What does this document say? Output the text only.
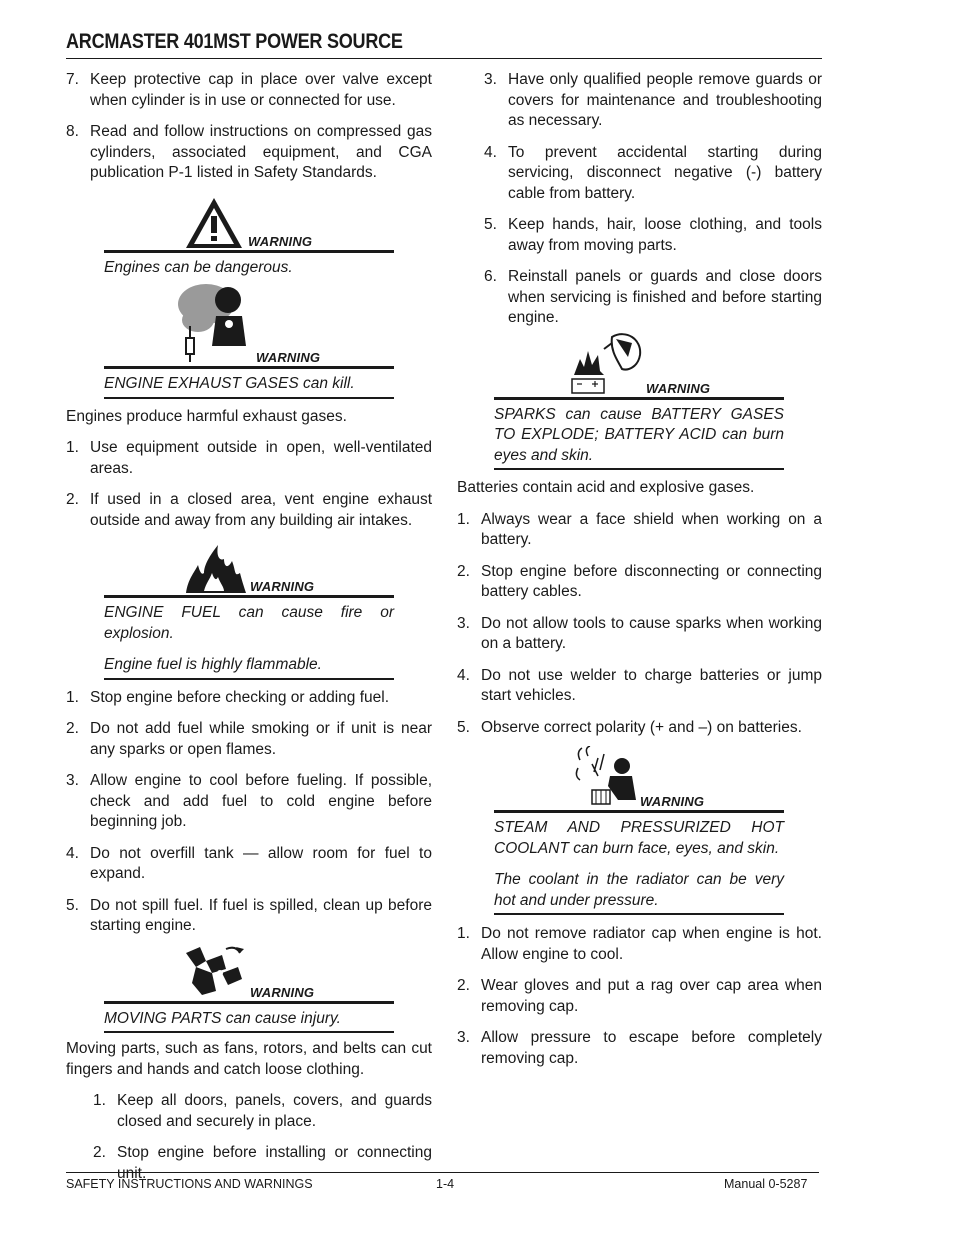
ARCMASTER 401MST POWER SOURCE
7. Keep protective cap in place over valve except when cylinder is in use or connected for use.
8. Read and follow instructions on compressed gas cylinders, associated equipment, and CGA publication P-1 listed in Safety Standards.
WARNING

Engines can be dangerous.

WARNING

ENGINE EXHAUST GASES can kill.

Engines produce harmful exhaust gases.

1. Use equipment outside in open, well-ventilated areas.
2. If used in a closed area, vent engine exhaust outside and away from any building air intakes.
WARNING

ENGINE FUEL can cause fire or explosion.

Engine fuel is highly flammable.

1. Stop engine before checking or adding fuel.
2. Do not add fuel while smoking or if unit is near any sparks or open flames.
3. Allow engine to cool before fueling. If possible, check and add fuel to cold engine before beginning job.
4. Do not overfill tank — allow room for fuel to expand.
5. Do not spill fuel. If fuel is spilled, clean up before starting engine.
WARNING

MOVING PARTS can cause injury.

Moving parts, such as fans, rotors, and belts can cut fingers and hands and catch loose clothing.

1. Keep all doors, panels, covers, and guards closed and securely in place.
2. Stop engine before installing or connecting unit.
3. Have only qualified people remove guards or covers for maintenance and troubleshooting as necessary.
4. To prevent accidental starting during servicing, disconnect negative (-) battery cable from battery.
5. Keep hands, hair, loose clothing, and tools away from moving parts.
6. Reinstall panels or guards and close doors when servicing is finished and before starting engine.
WARNING

SPARKS can cause BATTERY GASES TO EXPLODE; BATTERY ACID can burn eyes and skin.

Batteries contain acid and explosive gases.

1. Always wear a face shield when working on a battery.
2. Stop engine before disconnecting or connecting battery cables.
3. Do not allow tools to cause sparks when working on a battery.
4. Do not use welder to charge batteries or jump start vehicles.
5. Observe correct polarity (+ and –) on batteries.
WARNING

STEAM AND PRESSURIZED HOT COOLANT can burn face, eyes, and skin.

The coolant in the radiator can be very hot and under pressure.

1. Do not remove radiator cap when engine is hot. Allow engine to cool.
2. Wear gloves and put a rag over cap area when removing cap.
3. Allow pressure to escape before completely removing cap.
SAFETY INSTRUCTIONS AND WARNINGS	1-4	Manual 0-5287
